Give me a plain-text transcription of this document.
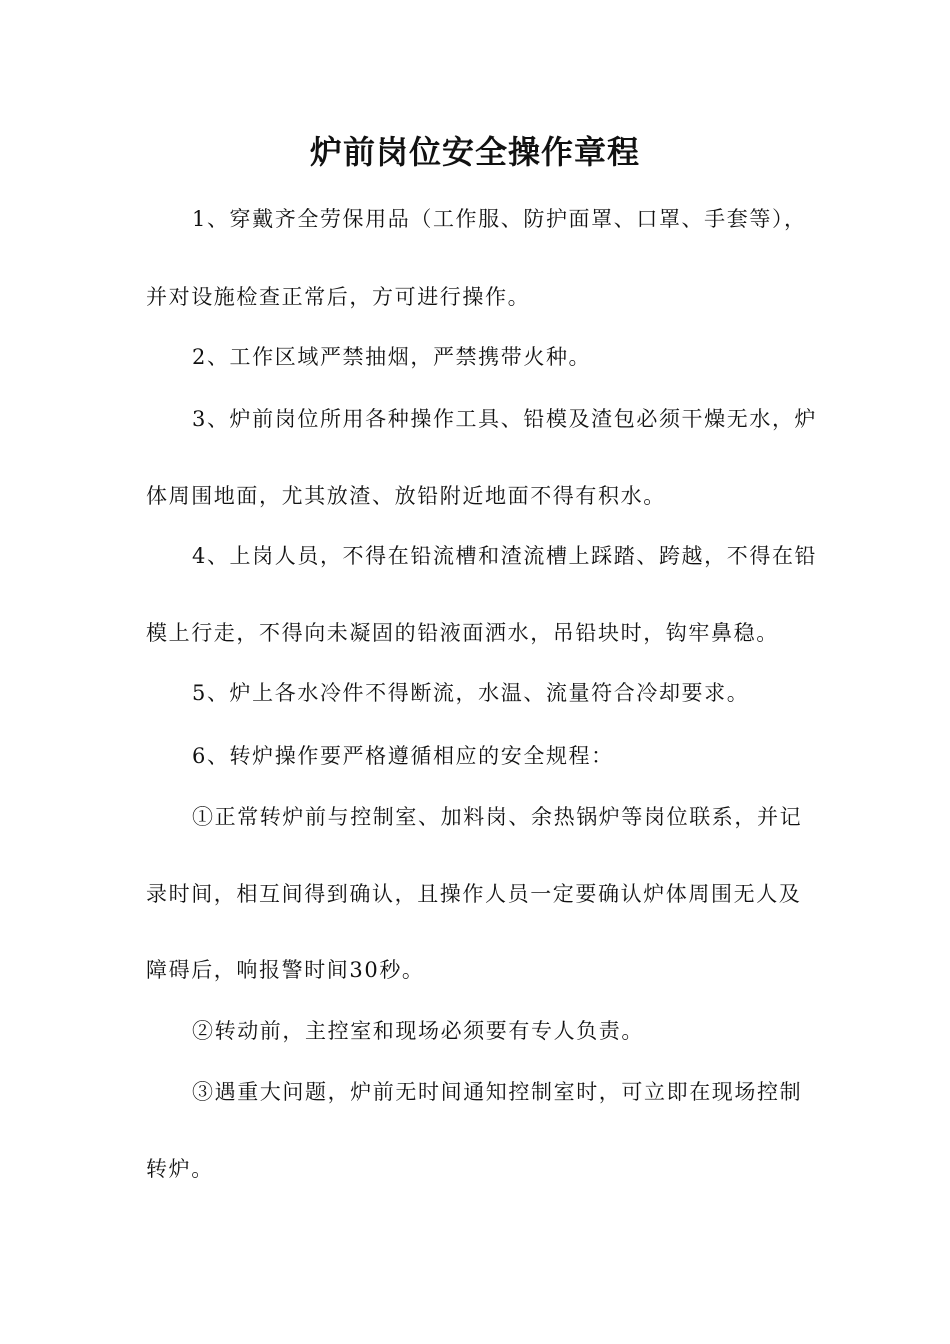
炉前岗位安全操作章程
1、穿戴齐全劳保用品（工作服、防护面罩、口罩、手套等），
并对设施检查正常后，方可进行操作。
2、工作区域严禁抽烟，严禁携带火种。
3、炉前岗位所用各种操作工具、铅模及渣包必须干燥无水，炉
体周围地面，尤其放渣、放铅附近地面不得有积水。
4、上岗人员，不得在铅流槽和渣流槽上踩踏、跨越，不得在铅
模上行走，不得向未凝固的铅液面洒水，吊铅块时，钩牢鼻稳。
5、炉上各水冷件不得断流，水温、流量符合冷却要求。
6、转炉操作要严格遵循相应的安全规程：
①正常转炉前与控制室、加料岗、余热锅炉等岗位联系，并记
录时间，相互间得到确认，且操作人员一定要确认炉体周围无人及
障碍后，响报警时间30秒。
②转动前，主控室和现场必须要有专人负责。
③遇重大问题，炉前无时间通知控制室时，可立即在现场控制
转炉。
